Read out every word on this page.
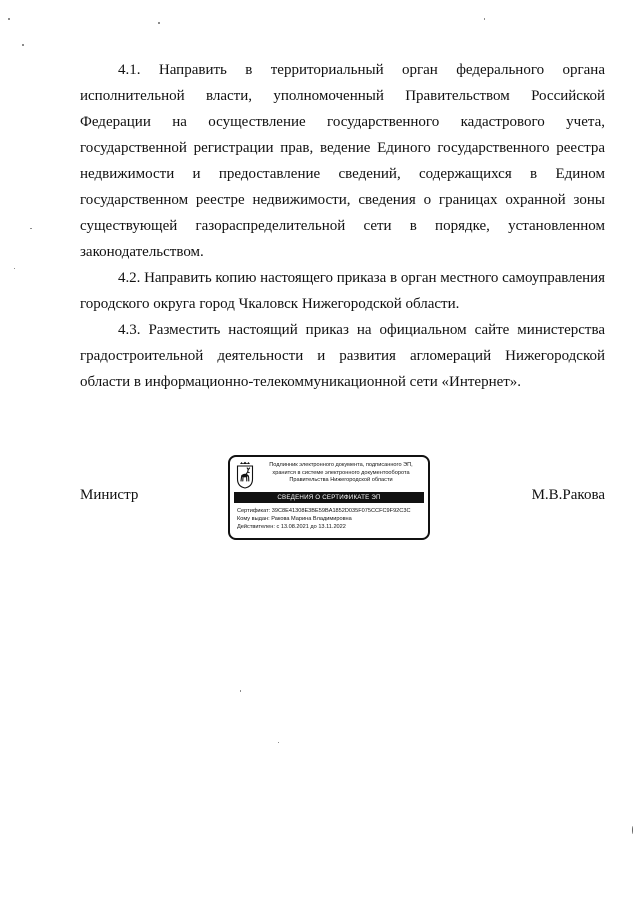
4.1. Направить в территориальный орган федерального органа
исполнительной власти, уполномоченный Правительством Российской
Федерации на осуществление государственного кадастрового учета,
государственной регистрации прав, ведение Единого государственного реестра
недвижимости и предоставление сведений, содержащихся в Едином
государственном реестре недвижимости, сведения о границах охранной зоны
существующей газораспределительной сети в порядке, установленном
законодательством.
4.2. Направить копию настоящего приказа в орган местного самоуправления
городского округа город Чкаловск Нижегородской области.
4.3. Разместить настоящий приказ на официальном сайте министерства
градостроительной деятельности и развития агломераций Нижегородской
области в информационно-телекоммуникационной сети «Интернет».
Министр	М.В.Ракова
Подлинник электронного документа, подписанного ЭП,
хранится в системе электронного документооборота
Правительства Нижегородской области
СВЕДЕНИЯ О СЕРТИФИКАТЕ ЭП
Сертификат: 39C8E41308E3BE59BA1852D035F075CCFC9F92C3C
Кому выдан: Ракова Марина Владимировна
Действителен: с 13.08.2021 до 13.11.2022
